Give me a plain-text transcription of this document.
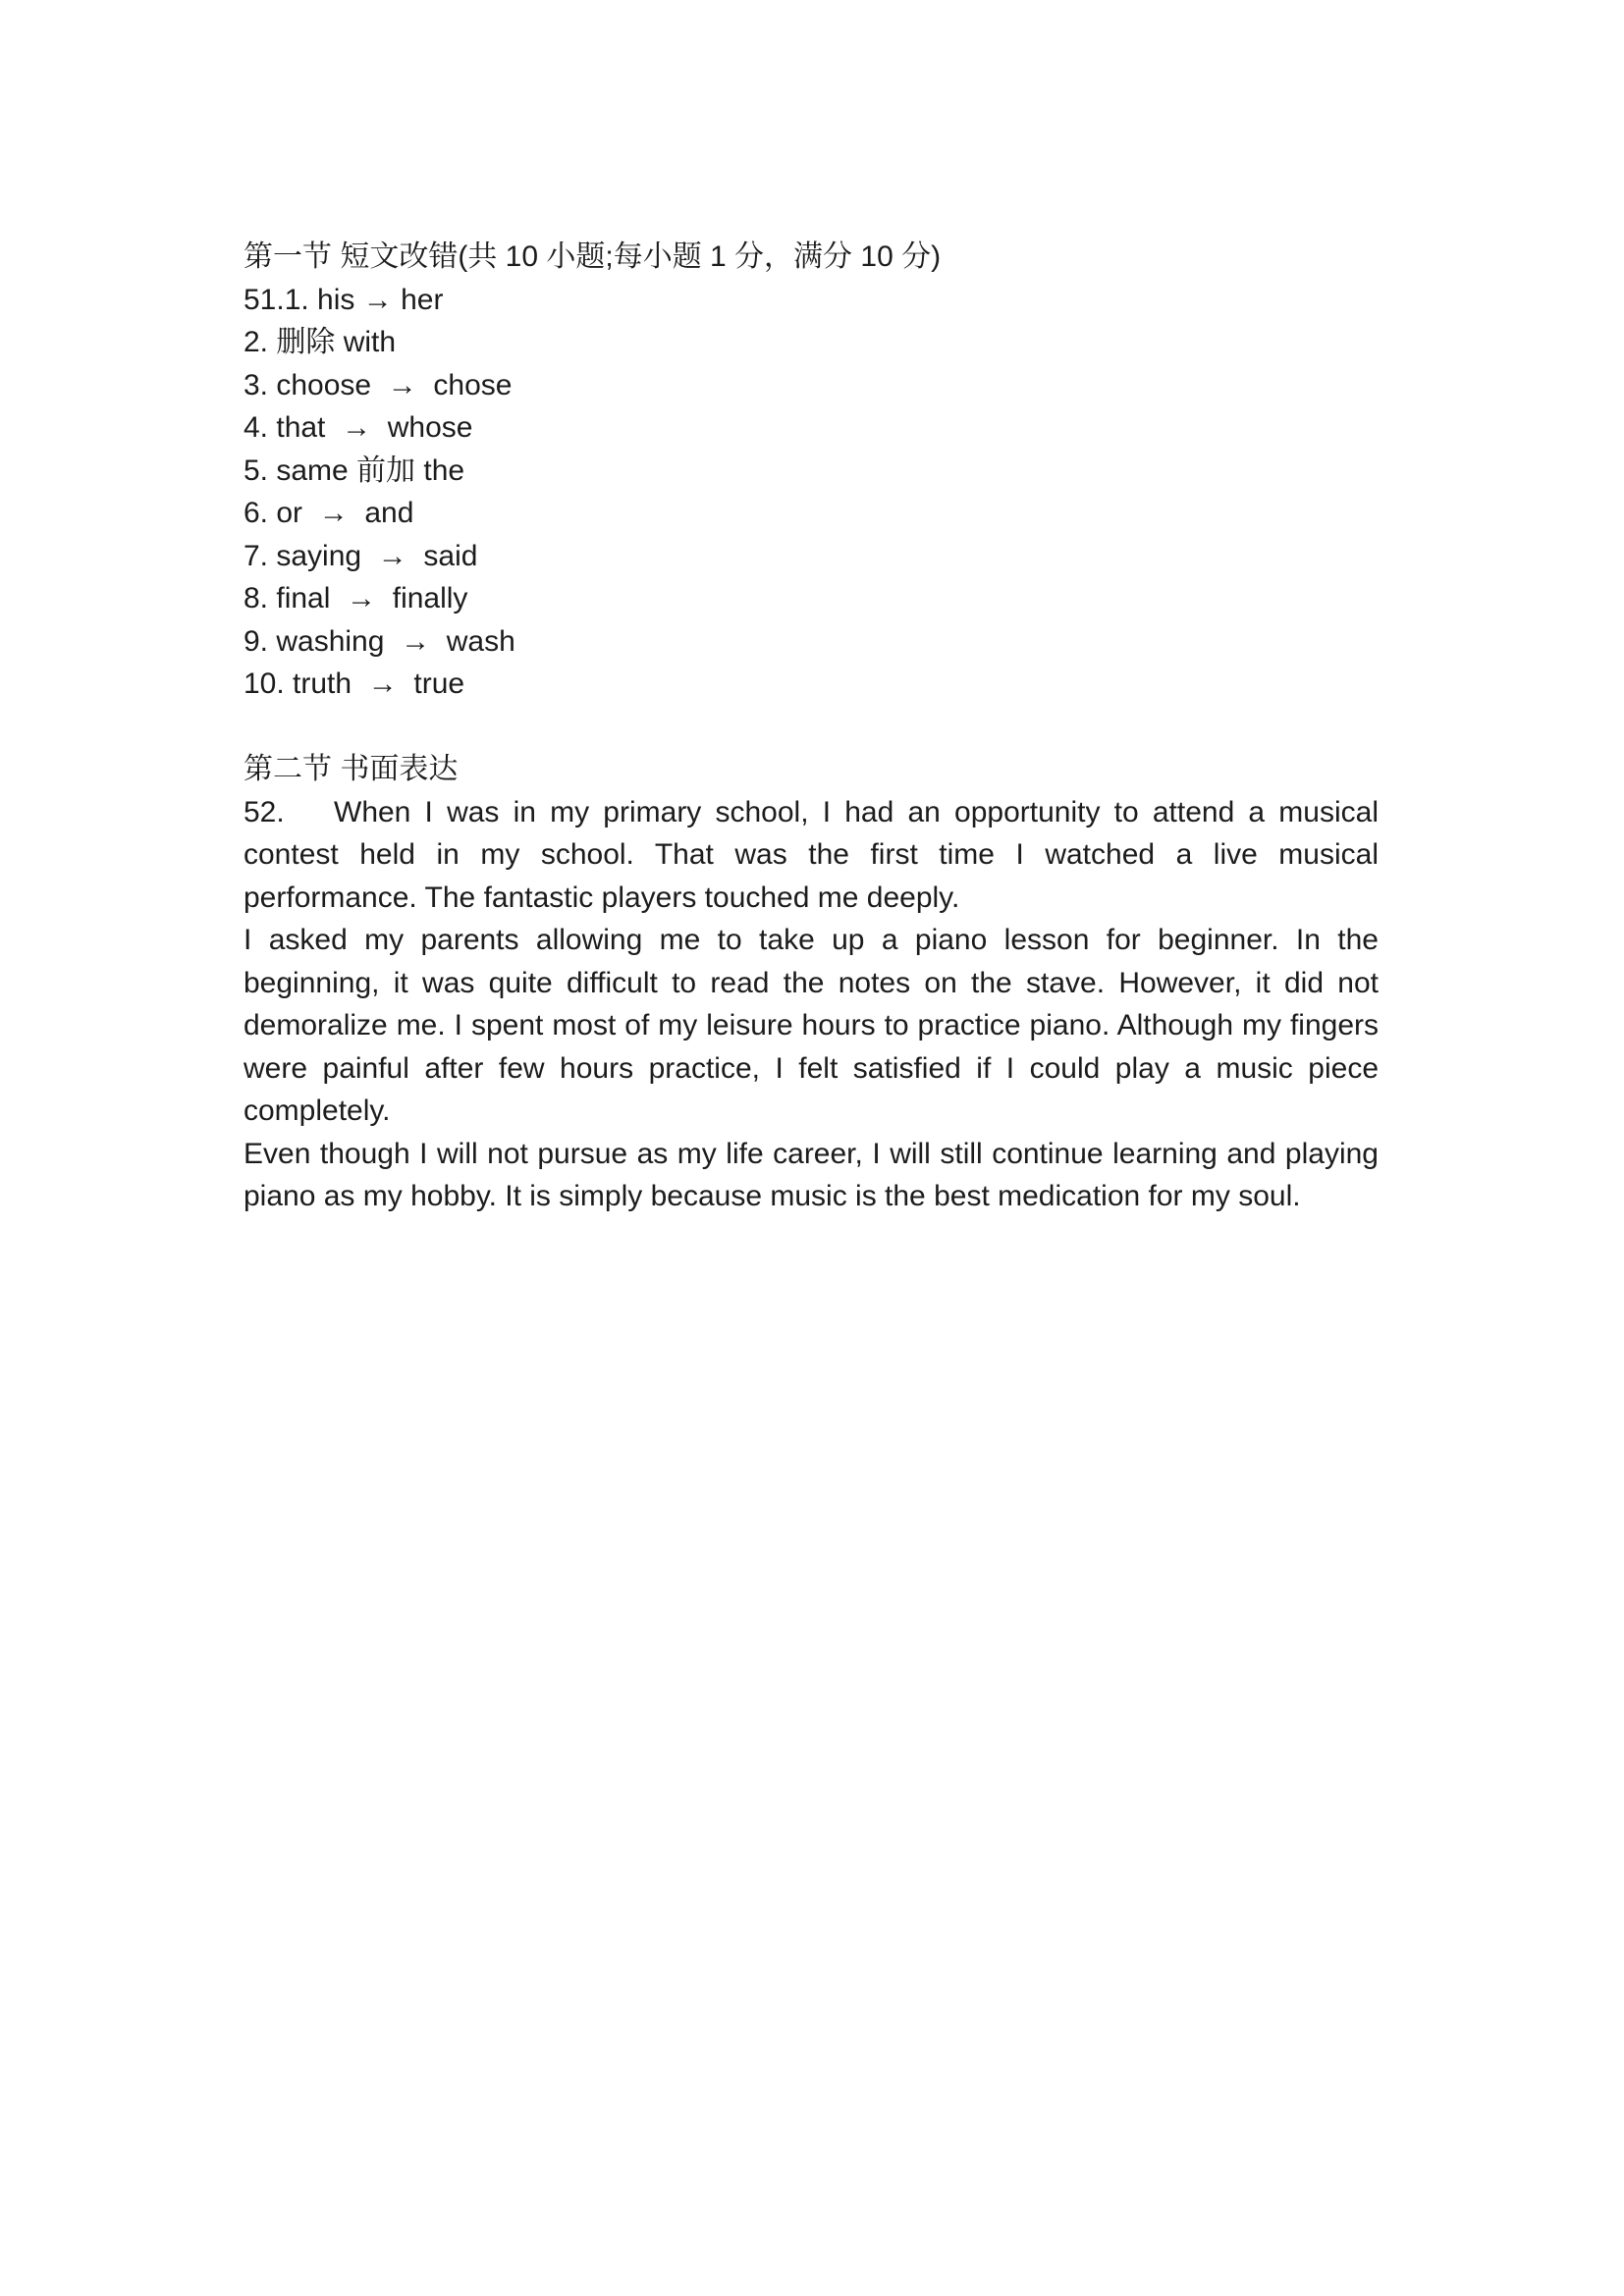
第一节 短文改错(共 10 小题;每小题 1 分，满分 10 分)
51.1. his → her
2. 删除 with
3. choose  →  chose
4. that  →  whose
5. same 前加 the
6. or  →  and
7. saying  →  said
8. final  →  finally
9. washing  →  wash
10. truth  →  true
第二节 书面表达

52. When I was in my primary school, I had an opportunity to attend a musical contest held in my school. That was the first time I watched a live musical performance. The fantastic players touched me deeply.

I asked my parents allowing me to take up a piano lesson for beginner. In the beginning, it was quite difficult to read the notes on the stave. However, it did not demoralize me. I spent most of my leisure hours to practice piano. Although my fingers were painful after few hours practice, I felt satisfied if I could play a music piece completely.

Even though I will not pursue as my life career, I will still continue learning and playing piano as my hobby. It is simply because music is the best medication for my soul.
